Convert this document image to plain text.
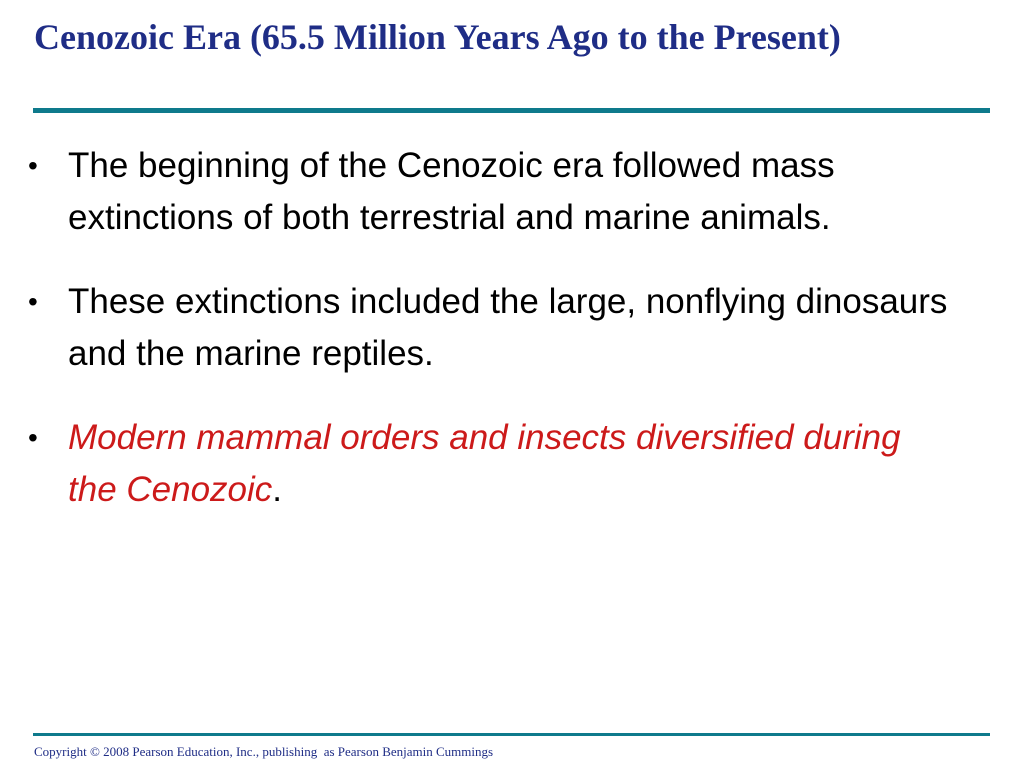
Cenozoic Era (65.5 Million Years Ago to the Present)
• The beginning of the Cenozoic era followed mass extinctions of both terrestrial and marine animals.
• These extinctions included the large, nonflying dinosaurs and the marine reptiles.
• Modern mammal orders and insects diversified during the Cenozoic.
Copyright © 2008 Pearson Education, Inc., publishing  as Pearson Benjamin Cummings
